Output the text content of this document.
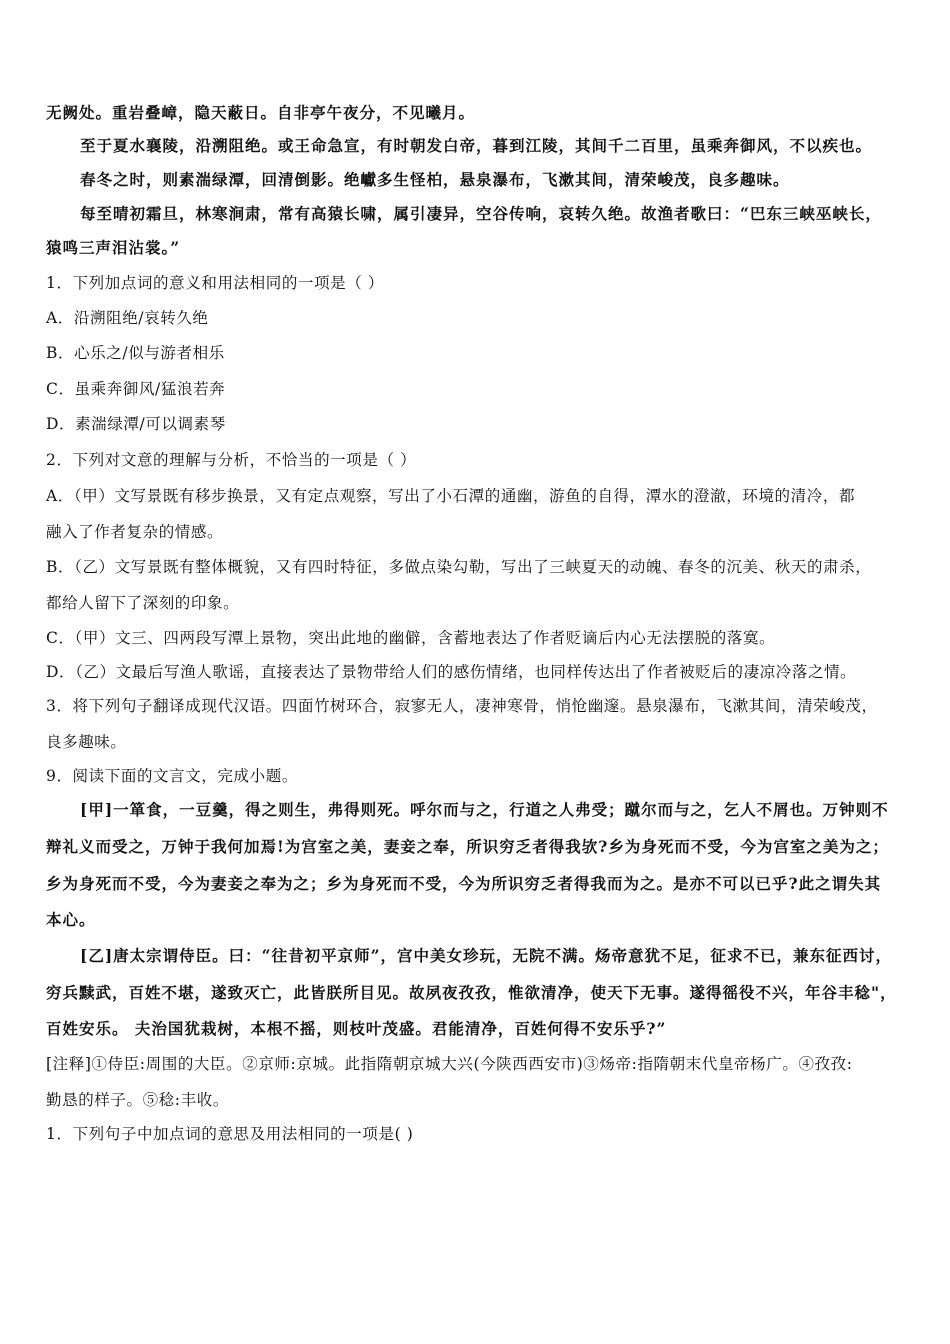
无阙处。重岩叠嶂，隐天蔽日。自非亭午夜分，不见曦月。
至于夏水襄陵，沿溯阻绝。或王命急宣，有时朝发白帝，暮到江陵，其间千二百里，虽乘奔御风，不以疾也。
春冬之时，则素湍绿潭，回清倒影。绝巘多生怪柏，悬泉瀑布，飞漱其间，清荣峻茂，良多趣味。
每至晴初霜旦，林寒涧肃，常有高猿长啸，属引凄异，空谷传响，哀转久绝。故渔者歌曰：“巴东三峡巫峡长，
猿鸣三声泪沾裳。”
1．下列加点词的意义和用法相同的一项是（ ）
A．沿溯阻绝/哀转久绝
B．心乐之/似与游者相乐
C．虽乘奔御风/猛浪若奔
D．素湍绿潭/可以调素琴
2．下列对文意的理解与分析，不恰当的一项是（ ）
A．（甲）文写景既有移步换景，又有定点观察，写出了小石潭的通幽，游鱼的自得，潭水的澄澈，环境的清冷，都
融入了作者复杂的情感。
B．（乙）文写景既有整体概貌，又有四时特征，多做点染勾勒，写出了三峡夏天的动魄、春冬的沉美、秋天的肃杀，
都给人留下了深刻的印象。
C．（甲）文三、四两段写潭上景物，突出此地的幽僻，含蓄地表达了作者贬谪后内心无法摆脱的落寞。
D．（乙）文最后写渔人歌谣，直接表达了景物带给人们的感伤情绪，也同样传达出了作者被贬后的凄凉冷落之情。
3．将下列句子翻译成现代汉语。四面竹树环合，寂寥无人，凄神寒骨，悄怆幽邃。悬泉瀑布，飞漱其间，清荣峻茂，
良多趣味。
9．阅读下面的文言文，完成小题。
[甲]一箪食，一豆羹，得之则生，弗得则死。呼尔而与之，行道之人弗受；蹴尔而与之，乞人不屑也。万钟则不
辩礼义而受之，万钟于我何加焉!为宫室之美，妻妾之奉，所识穷乏者得我欤?乡为身死而不受，今为宫室之美为之；
乡为身死而不受，今为妻妾之奉为之；乡为身死而不受，今为所识穷乏者得我而为之。是亦不可以已乎?此之谓失其
本心。
[乙]唐太宗谓侍臣。曰：“往昔初平京师”，宫中美女珍玩，无院不满。炀帝意犹不足，征求不已，兼东征西讨，
穷兵黩武，百姓不堪，遂致灭亡，此皆朕所目见。故夙夜孜孜，惟欲清净，使天下无事。遂得徭役不兴，年谷丰稔"，
百姓安乐。 夫治国犹栽树，本根不摇，则枝叶茂盛。君能清净，百姓何得不安乐乎?”
[注释]①侍臣:周围的大臣。②京师:京城。此指隋朝京城大兴(今陕西西安市)③炀帝:指隋朝末代皇帝杨广。④孜孜:
勤恳的样子。⑤稔:丰收。
1．下列句子中加点词的意思及用法相同的一项是( )
